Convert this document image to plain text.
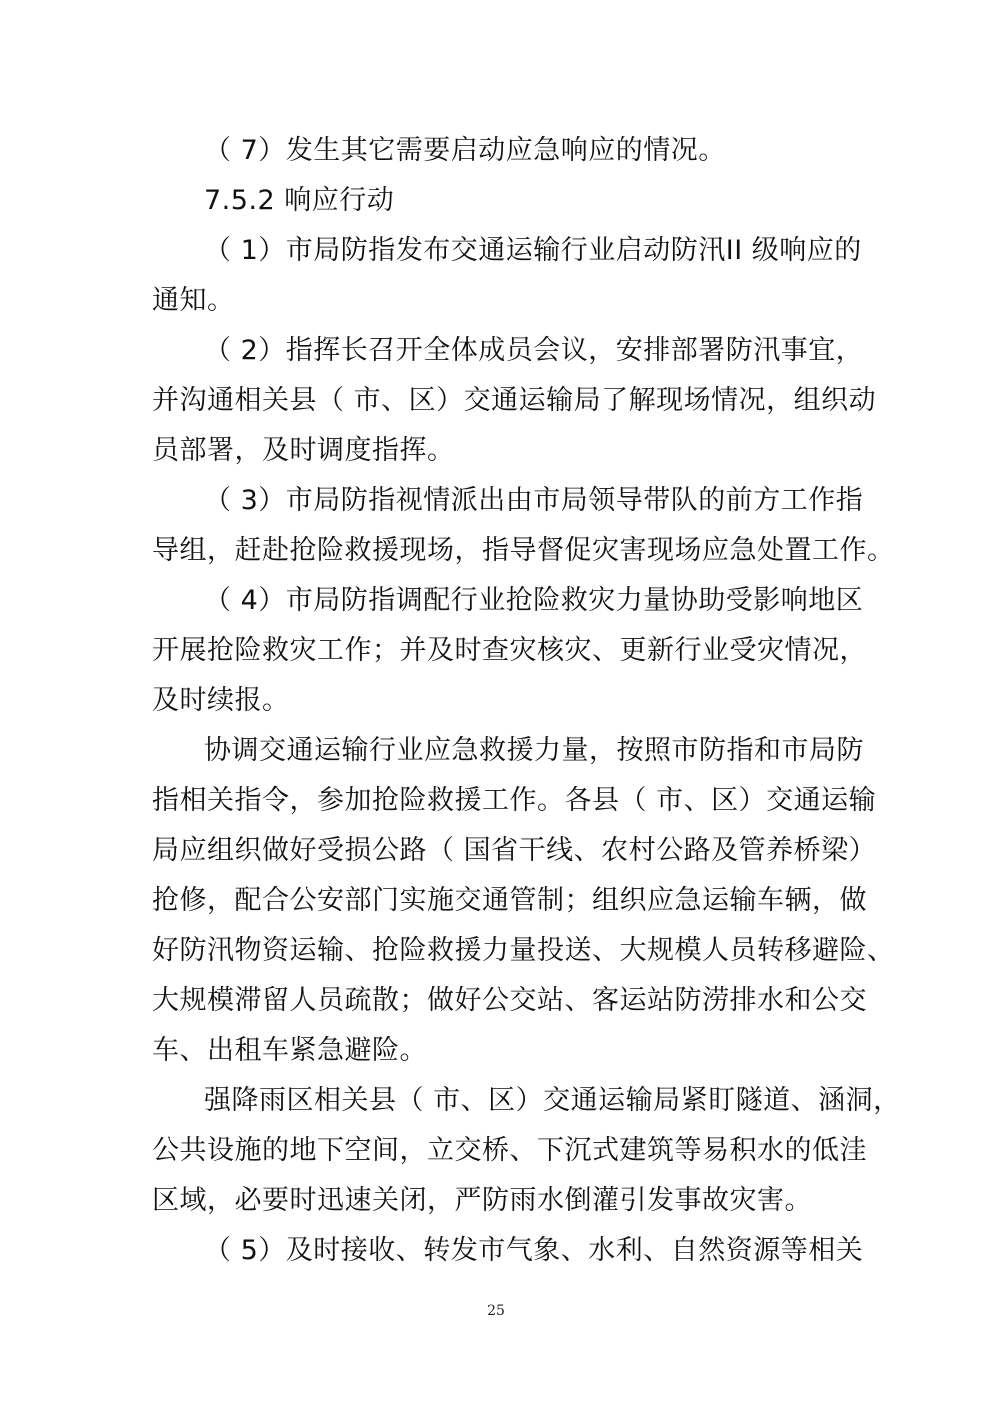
（ 7）发生其它需要启动应急响应的情况。
7.5.2 响应行动
（ 1）市局防指发布交通运输行业启动防汛II 级响应的
通知。
（ 2）指挥长召开全体成员会议，安排部署防汛事宜，
并沟通相关县（ 市、区）交通运输局了解现场情况，组织动
员部署，及时调度指挥。
（ 3）市局防指视情派出由市局领导带队的前方工作指
导组，赶赴抢险救援现场，指导督促灾害现场应急处置工作。
（ 4）市局防指调配行业抢险救灾力量协助受影响地区
开展抢险救灾工作；并及时查灾核灾、更新行业受灾情况，
及时续报。
协调交通运输行业应急救援力量，按照市防指和市局防
指相关指令，参加抢险救援工作。各县（ 市、区）交通运输
局应组织做好受损公路（ 国省干线、农村公路及管养桥梁）
抢修，配合公安部门实施交通管制；组织应急运输车辆，做
好防汛物资运输、抢险救援力量投送、大规模人员转移避险、
大规模滞留人员疏散；做好公交站、客运站防涝排水和公交
车、出租车紧急避险。
强降雨区相关县（ 市、区）交通运输局紧盯隧道、涵洞，
公共设施的地下空间，立交桥、下沉式建筑等易积水的低洼
区域，必要时迅速关闭，严防雨水倒灌引发事故灾害。
（ 5）及时接收、转发市气象、水利、自然资源等相关
25
